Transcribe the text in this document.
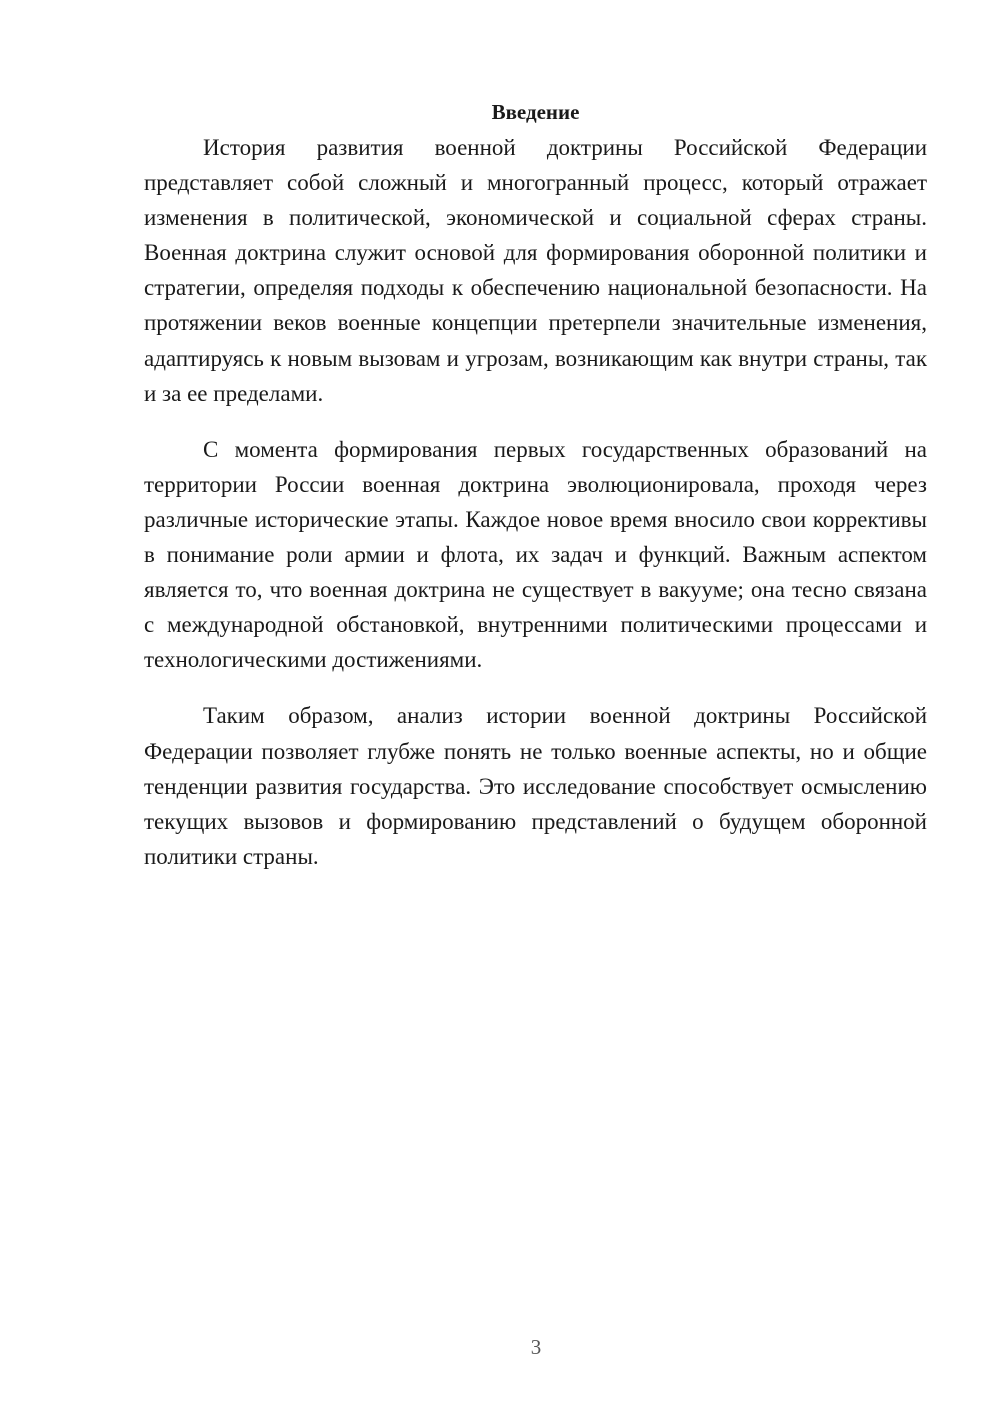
Введение

История развития военной доктрины Российской Федерации представляет собой сложный и многогранный процесс, который отражает изменения в политической, экономической и социальной сферах страны. Военная доктрина служит основой для формирования оборонной политики и стратегии, определяя подходы к обеспечению национальной безопасности. На протяжении веков военные концепции претерпели значительные изменения, адаптируясь к новым вызовам и угрозам, возникающим как внутри страны, так и за ее пределами.

С момента формирования первых государственных образований на территории России военная доктрина эволюционировала, проходя через различные исторические этапы. Каждое новое время вносило свои коррективы в понимание роли армии и флота, их задач и функций. Важным аспектом является то, что военная доктрина не существует в вакууме; она тесно связана с международной обстановкой, внутренними политическими процессами и технологическими достижениями.

Таким образом, анализ истории военной доктрины Российской Федерации позволяет глубже понять не только военные аспекты, но и общие тенденции развития государства. Это исследование способствует осмыслению текущих вызовов и формированию представлений о будущем оборонной политики страны.

3
